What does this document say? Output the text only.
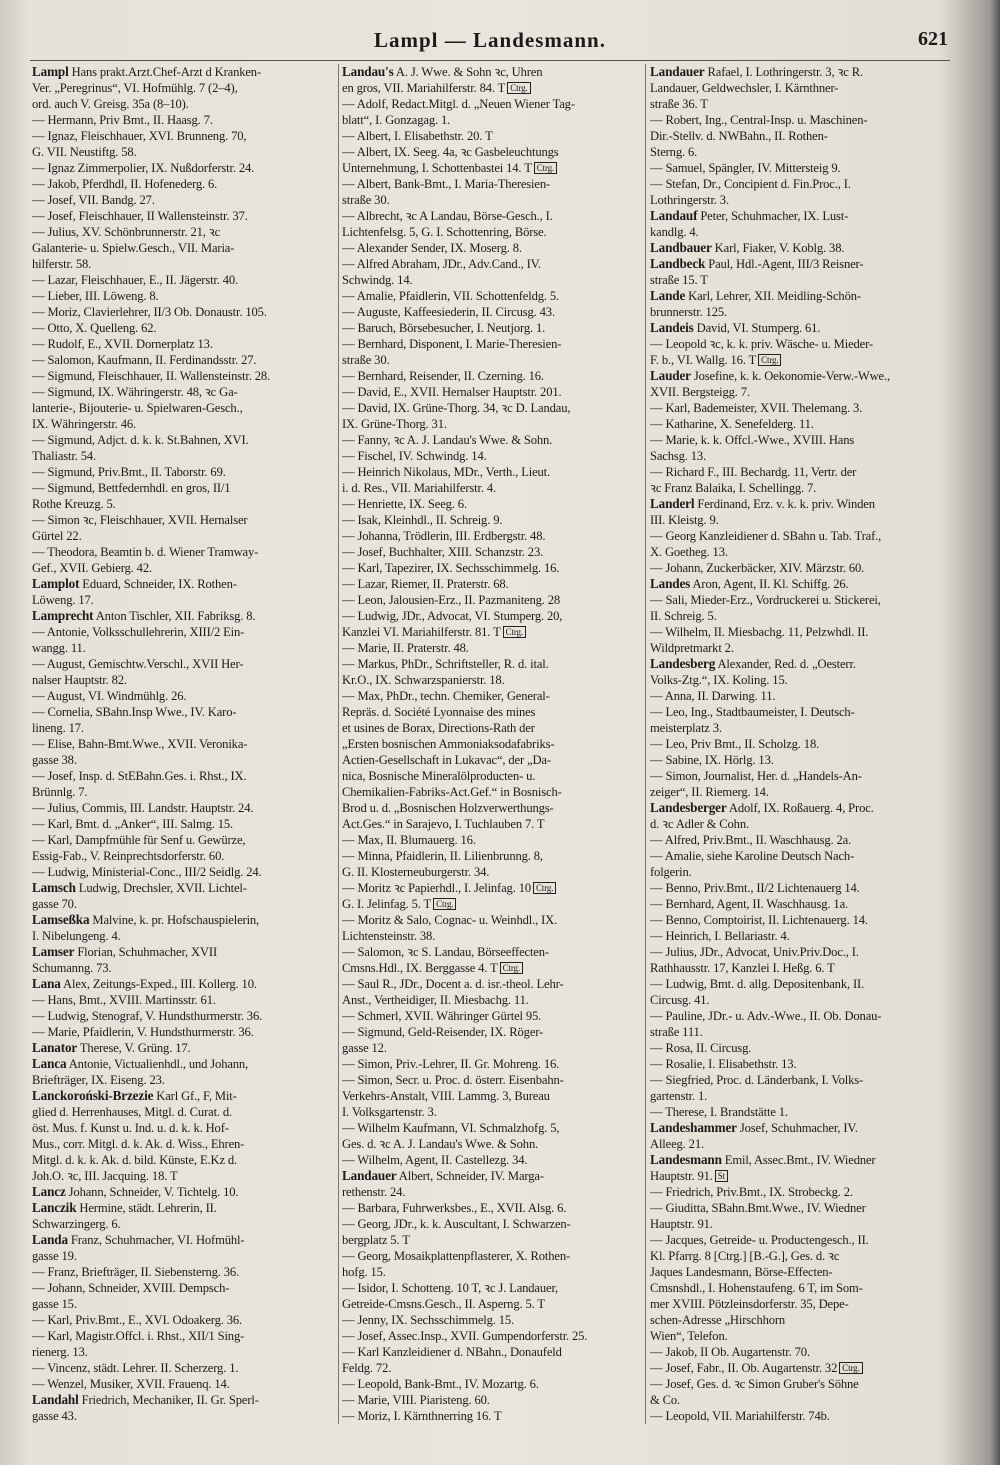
Lampl — Landesmann.	621
Lampl Hans prakt.Arzt.Chef-Arzt d Kranken-
Ver. „Peregrinus“, VI. Hofmühlg. 7 (2–4),
ord. auch V. Greisg. 35a (8–10).
— Hermann, Priv Bmt., II. Haasg. 7.
— Ignaz, Fleischhauer, XVI. Brunneng. 70,
G. VII. Neustiftg. 58.
— Ignaz Zimmerpolier, IX. Nußdorferstr. 24.
— Jakob, Pferdhdl, II. Hofenederg. 6.
— Josef, VII. Bandg. 27.
— Josef, Fleischhauer, II Wallensteinstr. 37.
— Julius, XV. Schönbrunnerstr. 21, ꝛc
Galanterie- u. Spielw.Gesch., VII. Maria-
hilferstr. 58.
— Lazar, Fleischhauer, E., II. Jägerstr. 40.
— Lieber, III. Löweng. 8.
— Moriz, Clavierlehrer, II/3 Ob. Donaustr. 105.
— Otto, X. Quelleng. 62.
— Rudolf, E., XVII. Dornerplatz 13.
— Salomon, Kaufmann, II. Ferdinandsstr. 27.
— Sigmund, Fleischhauer, II. Wallensteinstr. 28.
— Sigmund, IX. Währingerstr. 48, ꝛc Ga-
lanterie-, Bijouterie- u. Spielwaren-Gesch.,
IX. Währingerstr. 46.
— Sigmund, Adjct. d. k. k. St.Bahnen, XVI.
Thaliastr. 54.
— Sigmund, Priv.Bmt., II. Taborstr. 69.
— Sigmund, Bettfedernhdl. en gros, II/1
Rothe Kreuzg. 5.
— Simon ꝛc, Fleischhauer, XVII. Hernalser
Gürtel 22.
— Theodora, Beamtin b. d. Wiener Tramway-
Gef., XVII. Gebierg. 42.
Lamplot Eduard, Schneider, IX. Rothen-
Löweng. 17.
Lamprecht Anton Tischler, XII. Fabriksg. 8.
— Antonie, Volksschullehrerin, XIII/2 Ein-
wangg. 11.
— August, Gemischtw.Verschl., XVII Her-
nalser Hauptstr. 82.
— August, VI. Windmühlg. 26.
— Cornelia, SBahn.Insp Wwe., IV. Karo-
lineng. 17.
— Elise, Bahn-Bmt.Wwe., XVII. Veronika-
gasse 38.
— Josef, Insp. d. StEBahn.Ges. i. Rhst., IX.
Brünnlg. 7.
— Julius, Commis, III. Landstr. Hauptstr. 24.
— Karl, Bmt. d. „Anker“, III. Salmg. 15.
— Karl, Dampfmühle für Senf u. Gewürze,
Essig-Fab., V. Reinprechtsdorferstr. 60.
— Ludwig, Ministerial-Conc., III/2 Seidlg. 24.
Lamsch Ludwig, Drechsler, XVII. Lichtel-
gasse 70.
Lamseßka Malvine, k. pr. Hofschauspielerin,
I. Nibelungeng. 4.
Lamser Florian, Schuhmacher, XVII
Schumanng. 73.
Lana Alex, Zeitungs-Exped., III. Kollerg. 10.
— Hans, Bmt., XVIII. Martinsstr. 61.
— Ludwig, Stenograf, V. Hundsthurmerstr. 36.
— Marie, Pfaidlerin, V. Hundsthurmerstr. 36.
Lanator Therese, V. Grüng. 17.
Lanca Antonie, Victualienhdl., und Johann,
Briefträger, IX. Eiseng. 23.
Lanckoroński-Brzezie Karl Gf., F, Mit-
glied d. Herrenhauses, Mitgl. d. Curat. d.
öst. Mus. f. Kunst u. Ind. u. d. k. k. Hof-
Mus., corr. Mitgl. d. k. Ak. d. Wiss., Ehren-
Mitgl. d. k. k. Ak. d. bild. Künste, E.Kz d.
Joh.O. ꝛc, III. Jacquing. 18. T
Lancz Johann, Schneider, V. Tichtelg. 10.
Lanczik Hermine, städt. Lehrerin, II.
Schwarzingerg. 6.
Landa Franz, Schuhmacher, VI. Hofmühl-
gasse 19.
— Franz, Briefträger, II. Siebensterng. 36.
— Johann, Schneider, XVIII. Dempsch-
gasse 15.
— Karl, Priv.Bmt., E., XVI. Odoakerg. 36.
— Karl, Magistr.Offcl. i. Rhst., XII/1 Sing-
rienerg. 13.
— Vincenz, städt. Lehrer. II. Scherzerg. 1.
— Wenzel, Musiker, XVII. Frauenq. 14.
Landahl Friedrich, Mechaniker, II. Gr. Sperl-
gasse 43.
Landau's A. J. Wwe. & Sohn ꝛc, Uhren
en gros, VII. Mariahilferstr. 84. T Ctrg.
— Adolf, Redact.Mitgl. d. „Neuen Wiener Tag-
blatt“, I. Gonzagag. 1.
— Albert, I. Elisabethstr. 20. T
— Albert, IX. Seeg. 4a, ꝛc Gasbeleuchtungs
Unternehmung, I. Schottenbastei 14. T Ctrg.
— Albert, Bank-Bmt., I. Maria-Theresien-
straße 30.
— Albrecht, ꝛc A Landau, Börse-Gesch., I.
Lichtenfelsg. 5, G. I. Schottenring, Börse.
— Alexander Sender, IX. Moserg. 8.
— Alfred Abraham, JDr., Adv.Cand., IV.
Schwindg. 14.
— Amalie, Pfaidlerin, VII. Schottenfeldg. 5.
— Auguste, Kaffeesiederin, II. Circusg. 43.
— Baruch, Börsebesucher, I. Neutjorg. 1.
— Bernhard, Disponent, I. Marie-Theresien-
straße 30.
— Bernhard, Reisender, II. Czerning. 16.
— David, E., XVII. Hernalser Hauptstr. 201.
— David, IX. Grüne-Thorg. 34, ꝛc D. Landau,
IX. Grüne-Thorg. 31.
— Fanny, ꝛc A. J. Landau's Wwe. & Sohn.
— Fischel, IV. Schwindg. 14.
— Heinrich Nikolaus, MDr., Verth., Lieut.
i. d. Res., VII. Mariahilferstr. 4.
— Henriette, IX. Seeg. 6.
— Isak, Kleinhdl., II. Schreig. 9.
— Johanna, Trödlerin, III. Erdbergstr. 48.
— Josef, Buchhalter, XIII. Schanzstr. 23.
— Karl, Tapezirer, IX. Sechsschimmelg. 16.
— Lazar, Riemer, II. Praterstr. 68.
— Leon, Jalousien-Erz., II. Pazmaniteng. 28
— Ludwig, JDr., Advocat, VI. Stumperg. 20,
Kanzlei VI. Mariahilferstr. 81. T Ctrg.
— Marie, II. Praterstr. 48.
— Markus, PhDr., Schriftsteller, R. d. ital.
Kr.O., IX. Schwarzspanierstr. 18.
— Max, PhDr., techn. Chemiker, General-
Repräs. d. Société Lyonnaise des mines
et usines de Borax, Directions-Rath der
„Ersten bosnischen Ammoniaksodafabriks-
Actien-Gesellschaft in Lukavac“, der „Da-
nica, Bosnische Mineralölproducten- u.
Chemikalien-Fabriks-Act.Gef.“ in Bosnisch-
Brod u. d. „Bosnischen Holzverwerthungs-
Act.Ges.“ in Sarajevo, I. Tuchlauben 7. T
— Max, II. Blumauerg. 16.
— Minna, Pfaidlerin, II. Lilienbrunng. 8,
G. II. Klosterneuburgerstr. 34.
— Moritz ꝛc Papierhdl., I. Jelinfag. 10 Ctrg.
G. I. Jelinfag. 5. T Ctrg.
— Moritz & Salo, Cognac- u. Weinhdl., IX.
Lichtensteinstr. 38.
— Salomon, ꝛc S. Landau, Börseeffecten-
Cmsns.Hdl., IX. Berggasse 4. T Ctrg.
— Saul R., JDr., Docent a. d. isr.-theol. Lehr-
Anst., Vertheidiger, II. Miesbachg. 11.
— Schmerl, XVII. Währinger Gürtel 95.
— Sigmund, Geld-Reisender, IX. Röger-
gasse 12.
— Simon, Priv.-Lehrer, II. Gr. Mohreng. 16.
— Simon, Secr. u. Proc. d. österr. Eisenbahn-
Verkehrs-Anstalt, VIII. Lammg. 3, Bureau
I. Volksgartenstr. 3.
— Wilhelm Kaufmann, VI. Schmalzhofg. 5,
Ges. d. ꝛc A. J. Landau's Wwe. & Sohn.
— Wilhelm, Agent, II. Castellezg. 34.
Landauer Albert, Schneider, IV. Marga-
rethenstr. 24.
— Barbara, Fuhrwerksbes., E., XVII. Alsg. 6.
— Georg, JDr., k. k. Auscultant, I. Schwarzen-
bergplatz 5. T
— Georg, Mosaikplattenpflasterer, X. Rothen-
hofg. 15.
— Isidor, I. Schotteng. 10 T, ꝛc J. Landauer,
Getreide-Cmsns.Gesch., II. Asperng. 5. T
— Jenny, IX. Sechsschimmelg. 15.
— Josef, Assec.Insp., XVII. Gumpendorferstr. 25.
— Karl Kanzleidiener d. NBahn., Donaufeld
Feldg. 72.
— Leopold, Bank-Bmt., IV. Mozartg. 6.
— Marie, VIII. Piaristeng. 60.
— Moriz, I. Kärnthnerring 16. T
Landauer Rafael, I. Lothringerstr. 3, ꝛc R.
Landauer, Geldwechsler, I. Kärnthner-
straße 36. T
— Robert, Ing., Central-Insp. u. Maschinen-
Dir.-Stellv. d. NWBahn., II. Rothen-
Sterng. 6.
— Samuel, Spängler, IV. Mittersteig 9.
— Stefan, Dr., Concipient d. Fin.Proc., I.
Lothringerstr. 3.
Landauf Peter, Schuhmacher, IX. Lust-
kandlg. 4.
Landbauer Karl, Fiaker, V. Koblg. 38.
Landbeck Paul, Hdl.-Agent, III/3 Reisner-
straße 15. T
Lande Karl, Lehrer, XII. Meidling-Schön-
brunnerstr. 125.
Landeis David, VI. Stumperg. 61.
— Leopold ꝛc, k. k. priv. Wäsche- u. Mieder-
F. b., VI. Wallg. 16. T Ctrg.
Lauder Josefine, k. k. Oekonomie-Verw.-Wwe.,
XVII. Bergsteigg. 7.
— Karl, Bademeister, XVII. Thelemang. 3.
— Katharine, X. Senefelderg. 11.
— Marie, k. k. Offcl.-Wwe., XVIII. Hans
Sachsg. 13.
— Richard F., III. Bechardg. 11, Vertr. der
ꝛc Franz Balaika, I. Schellingg. 7.
Landerl Ferdinand, Erz. v. k. k. priv. Winden
III. Kleistg. 9.
— Georg Kanzleidiener d. SBahn u. Tab. Traf.,
X. Goetheg. 13.
— Johann, Zuckerbäcker, XIV. Märzstr. 60.
Landes Aron, Agent, II. Kl. Schiffg. 26.
— Sali, Mieder-Erz., Vordruckerei u. Stickerei,
II. Schreig. 5.
— Wilhelm, II. Miesbachg. 11, Pelzwhdl. II.
Wildpretmarkt 2.
Landesberg Alexander, Red. d. „Oesterr.
Volks-Ztg.“, IX. Koling. 15.
— Anna, II. Darwing. 11.
— Leo, Ing., Stadtbaumeister, I. Deutsch-
meisterplatz 3.
— Leo, Priv Bmt., II. Scholzg. 18.
— Sabine, IX. Hörlg. 13.
— Simon, Journalist, Her. d. „Handels-An-
zeiger“, II. Riemerg. 14.
Landesberger Adolf, IX. Roßauerg. 4, Proc.
d. ꝛc Adler & Cohn.
— Alfred, Priv.Bmt., II. Waschhausg. 2a.
— Amalie, siehe Karoline Deutsch Nach-
folgerin.
— Benno, Priv.Bmt., II/2 Lichtenauerg 14.
— Bernhard, Agent, II. Waschhausg. 1a.
— Benno, Comptoirist, II. Lichtenauerg. 14.
— Heinrich, I. Bellariastr. 4.
— Julius, JDr., Advocat, Univ.Priv.Doc., I.
Rathhausstr. 17, Kanzlei I. Heßg. 6. T
— Ludwig, Bmt. d. allg. Depositenbank, II.
Circusg. 41.
— Pauline, JDr.- u. Adv.-Wwe., II. Ob. Donau-
straße 111.
— Rosa, II. Circusg.
— Rosalie, I. Elisabethstr. 13.
— Siegfried, Proc. d. Länderbank, I. Volks-
gartenstr. 1.
— Therese, I. Brandstätte 1.
Landeshammer Josef, Schuhmacher, IV.
Alleeg. 21.
Landesmann Emil, Assec.Bmt., IV. Wiedner
Hauptstr. 91. St
— Friedrich, Priv.Bmt., IX. Strobeckg. 2.
— Giuditta, SBahn.Bmt.Wwe., IV. Wiedner
Hauptstr. 91.
— Jacques, Getreide- u. Productengesch., II.
Kl. Pfarrg. 8 [Ctrg.] [B.-G.], Ges. d. ꝛc
Jaques Landesmann, Börse-Effecten-
Cmsnshdl., I. Hohenstaufeng. 6 T, im Som-
mer XVIII. Pötzleinsdorferstr. 35, Depe-
schen-Adresse „Hirschhorn
Wien“, Telefon.
— Jakob, II Ob. Augartenstr. 70.
— Josef, Fabr., II. Ob. Augartenstr. 32 Ctrg.
— Josef, Ges. d. ꝛc Simon Gruber's Söhne
& Co.
— Leopold, VII. Mariahilferstr. 74b.
